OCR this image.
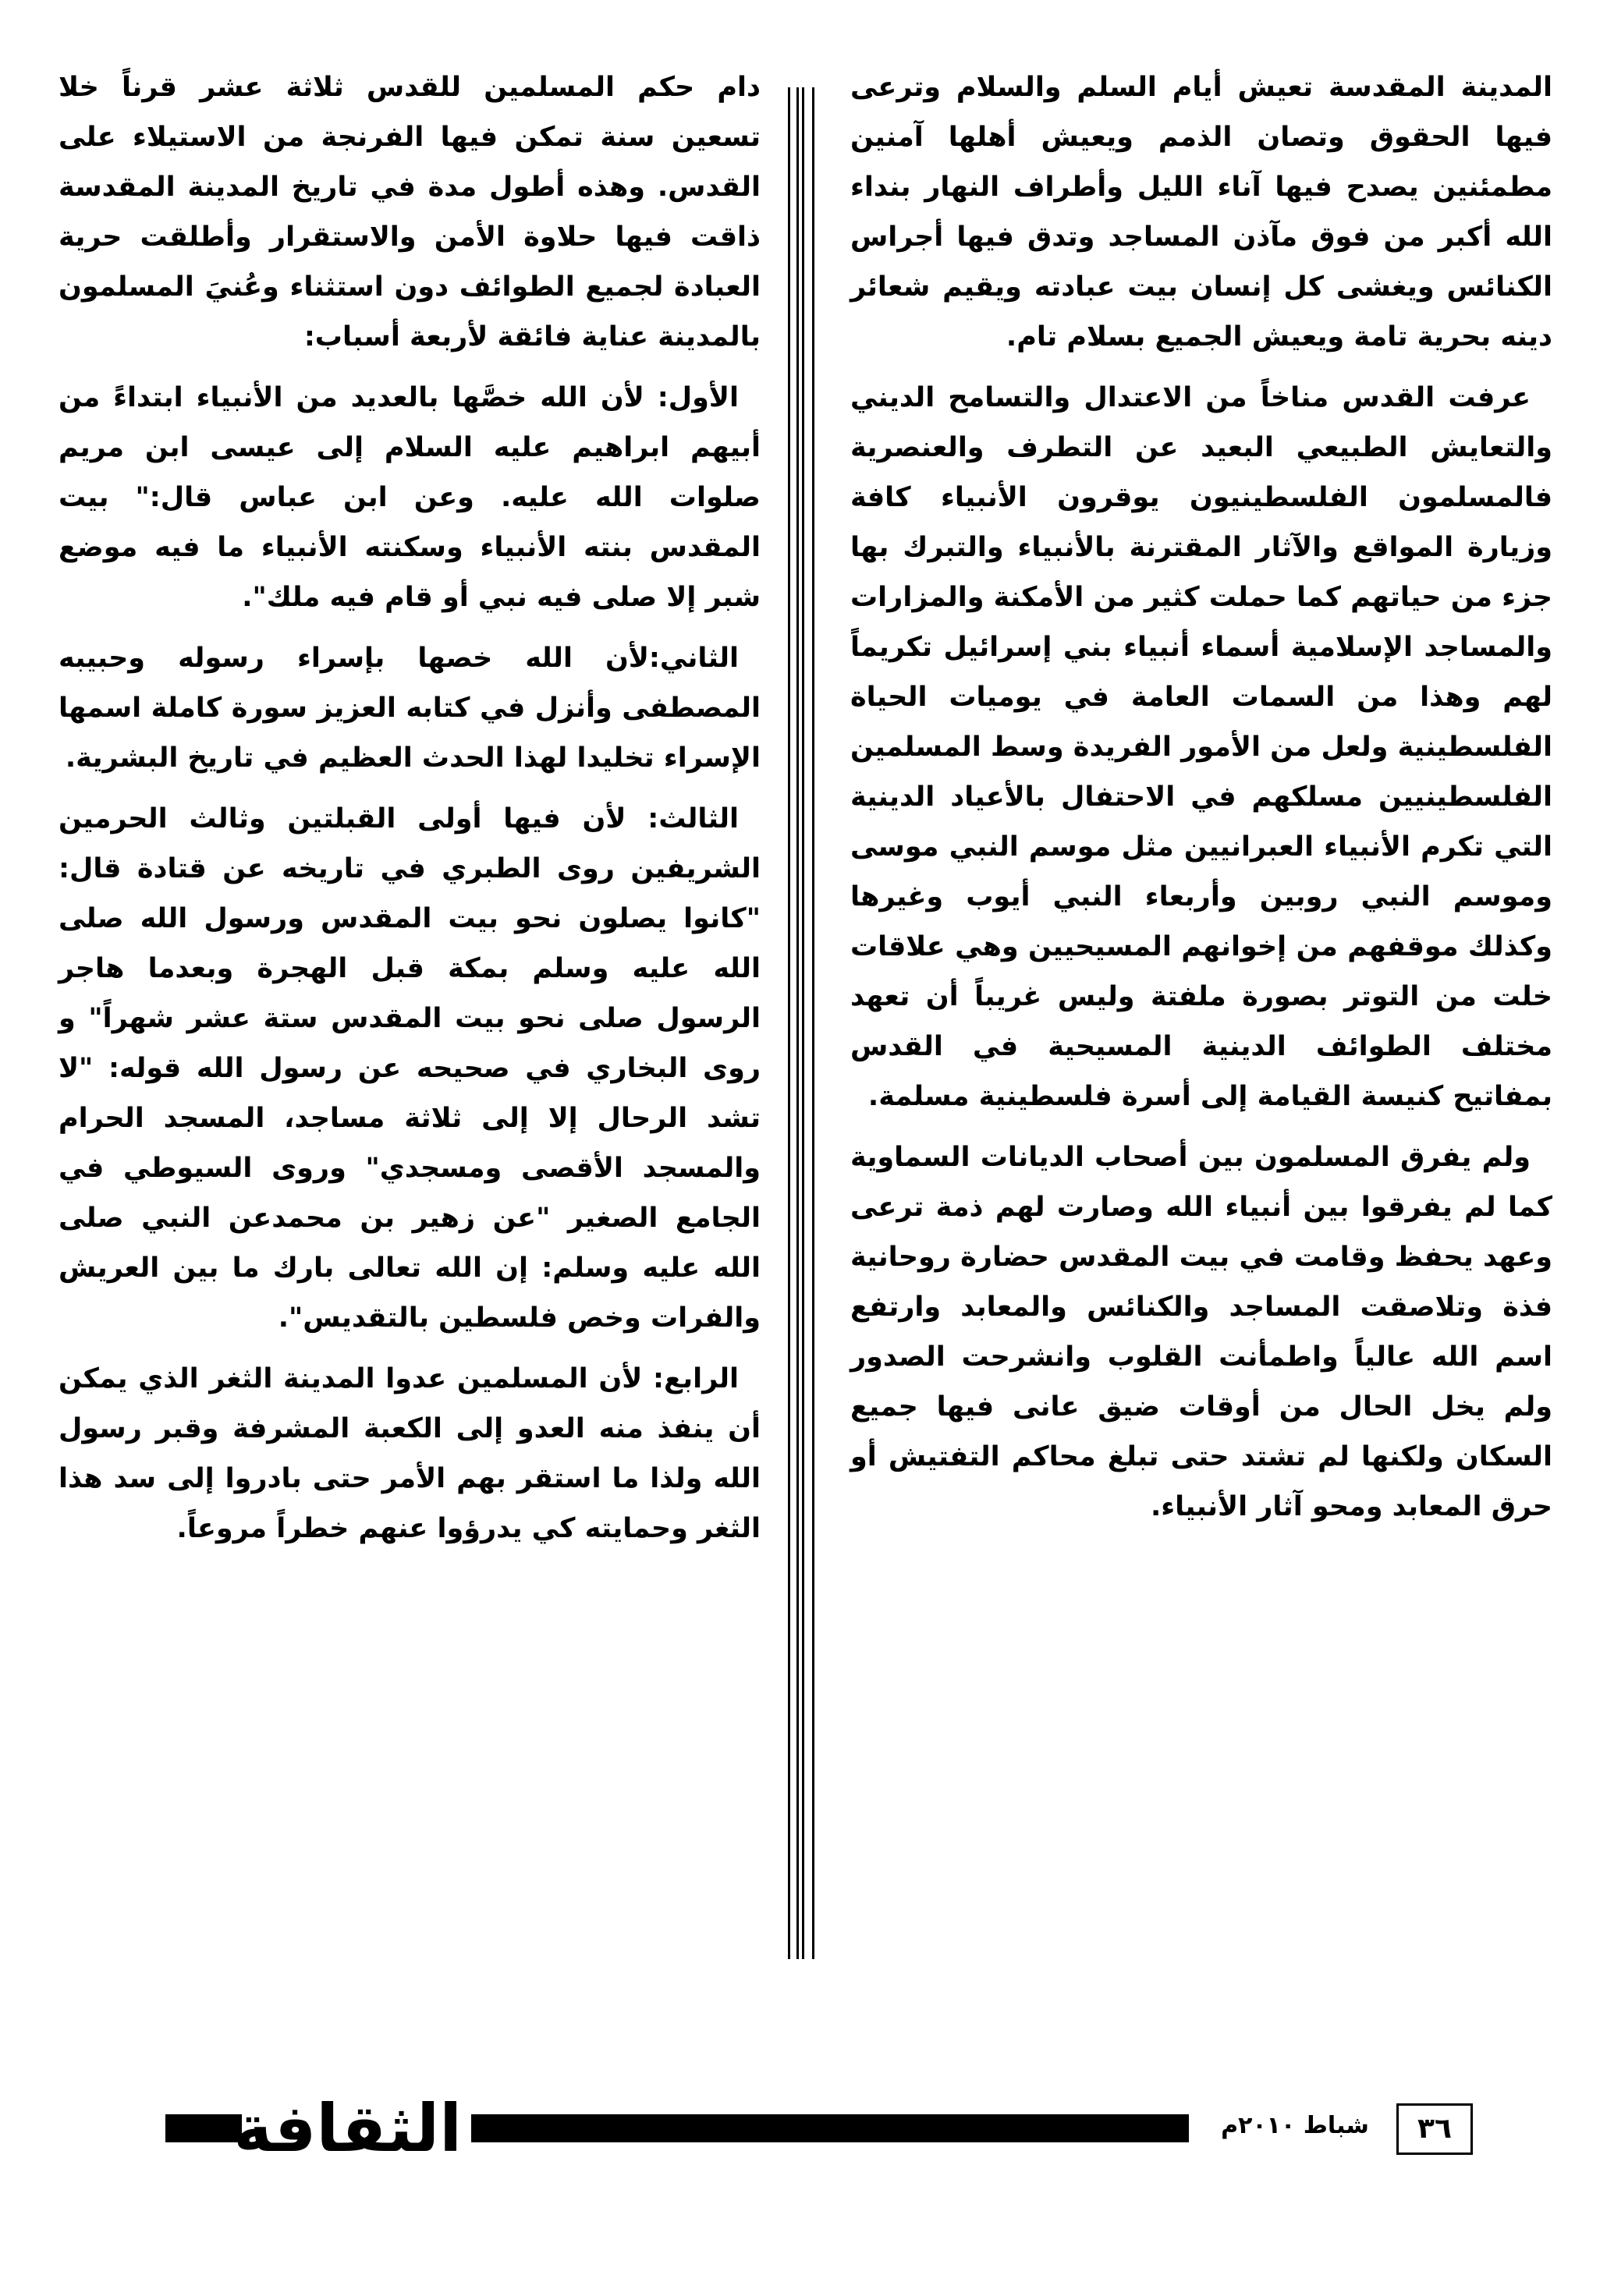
المدينة المقدسة تعيش أيام السلم والسلام وترعى فيها الحقوق وتصان الذمم ويعيش أهلها آمنين مطمئنين يصدح فيها آناء الليل وأطراف النهار بنداء الله أكبر من فوق مآذن المساجد وتدق فيها أجراس الكنائس ويغشى كل إنسان بيت عبادته ويقيم شعائر دينه بحرية تامة ويعيش الجميع بسلام تام.

عرفت القدس مناخاً من الاعتدال والتسامح الديني والتعايش الطبيعي البعيد عن التطرف والعنصرية فالمسلمون الفلسطينيون يوقرون الأنبياء كافة وزيارة المواقع والآثار المقترنة بالأنبياء والتبرك بها جزء من حياتهم كما حملت كثير من الأمكنة والمزارات والمساجد الإسلامية أسماء أنبياء بني إسرائيل تكريماً لهم وهذا من السمات العامة في يوميات الحياة الفلسطينية ولعل من الأمور الفريدة وسط المسلمين الفلسطينيين مسلكهم في الاحتفال بالأعياد الدينية التي تكرم الأنبياء العبرانيين مثل موسم النبي موسى وموسم النبي روبين وأربعاء النبي أيوب وغيرها وكذلك موقفهم من إخوانهم المسيحيين وهي علاقات خلت من التوتر بصورة ملفتة وليس غريباً أن تعهد مختلف الطوائف الدينية المسيحية في القدس بمفاتيح كنيسة القيامة إلى أسرة فلسطينية مسلمة.

ولم يفرق المسلمون بين أصحاب الديانات السماوية كما لم يفرقوا بين أنبياء الله وصارت لهم ذمة ترعى وعهد يحفظ وقامت في بيت المقدس حضارة روحانية فذة وتلاصقت المساجد والكنائس والمعابد وارتفع اسم الله عالياً واطمأنت القلوب وانشرحت الصدور ولم يخل الحال من أوقات ضيق عانى فيها جميع السكان ولكنها لم تشتد حتى تبلغ محاكم التفتيش أو حرق المعابد ومحو آثار الأنبياء.

دام حكم المسلمين للقدس ثلاثة عشر قرناً خلا تسعين سنة تمكن فيها الفرنجة من الاستيلاء على القدس. وهذه أطول مدة في تاريخ المدينة المقدسة ذاقت فيها حلاوة الأمن والاستقرار وأطلقت حرية العبادة لجميع الطوائف دون استثناء وعُنيَ المسلمون بالمدينة عناية فائقة لأربعة أسباب:

الأول: لأن الله خصَّها بالعديد من الأنبياء ابتداءً من أبيهم ابراهيم عليه السلام إلى عيسى ابن مريم صلوات الله عليه. وعن ابن عباس قال:" بيت المقدس بنته الأنبياء وسكنته الأنبياء ما فيه موضع شبر إلا صلى فيه نبي أو قام فيه ملك".

الثاني:لأن الله خصها بإسراء رسوله وحبيبه المصطفى وأنزل في كتابه العزيز سورة كاملة اسمها الإسراء تخليدا لهذا الحدث العظيم في تاريخ البشرية.

الثالث: لأن فيها أولى القبلتين وثالث الحرمين الشريفين روى الطبري في تاريخه عن قتادة قال: "كانوا يصلون نحو بيت المقدس ورسول الله صلى الله عليه وسلم بمكة قبل الهجرة وبعدما هاجر الرسول صلى نحو بيت المقدس ستة عشر شهراً" و روى البخاري في صحيحه عن رسول الله قوله: "لا تشد الرحال إلا إلى ثلاثة مساجد، المسجد الحرام والمسجد الأقصى ومسجدي" وروى السيوطي في الجامع الصغير "عن زهير بن محمدعن النبي صلى الله عليه وسلم: إن الله تعالى بارك ما بين العريش والفرات وخص فلسطين بالتقديس".

الرابع: لأن المسلمين عدوا المدينة الثغر الذي يمكن أن ينفذ منه العدو إلى الكعبة المشرفة وقبر رسول الله ولذا ما استقر بهم الأمر حتى بادروا إلى سد هذا الثغر وحمايته كي يدرؤوا عنهم خطراً مروعاً.

الثقافة	شباط ٢٠١٠م	٣٦
